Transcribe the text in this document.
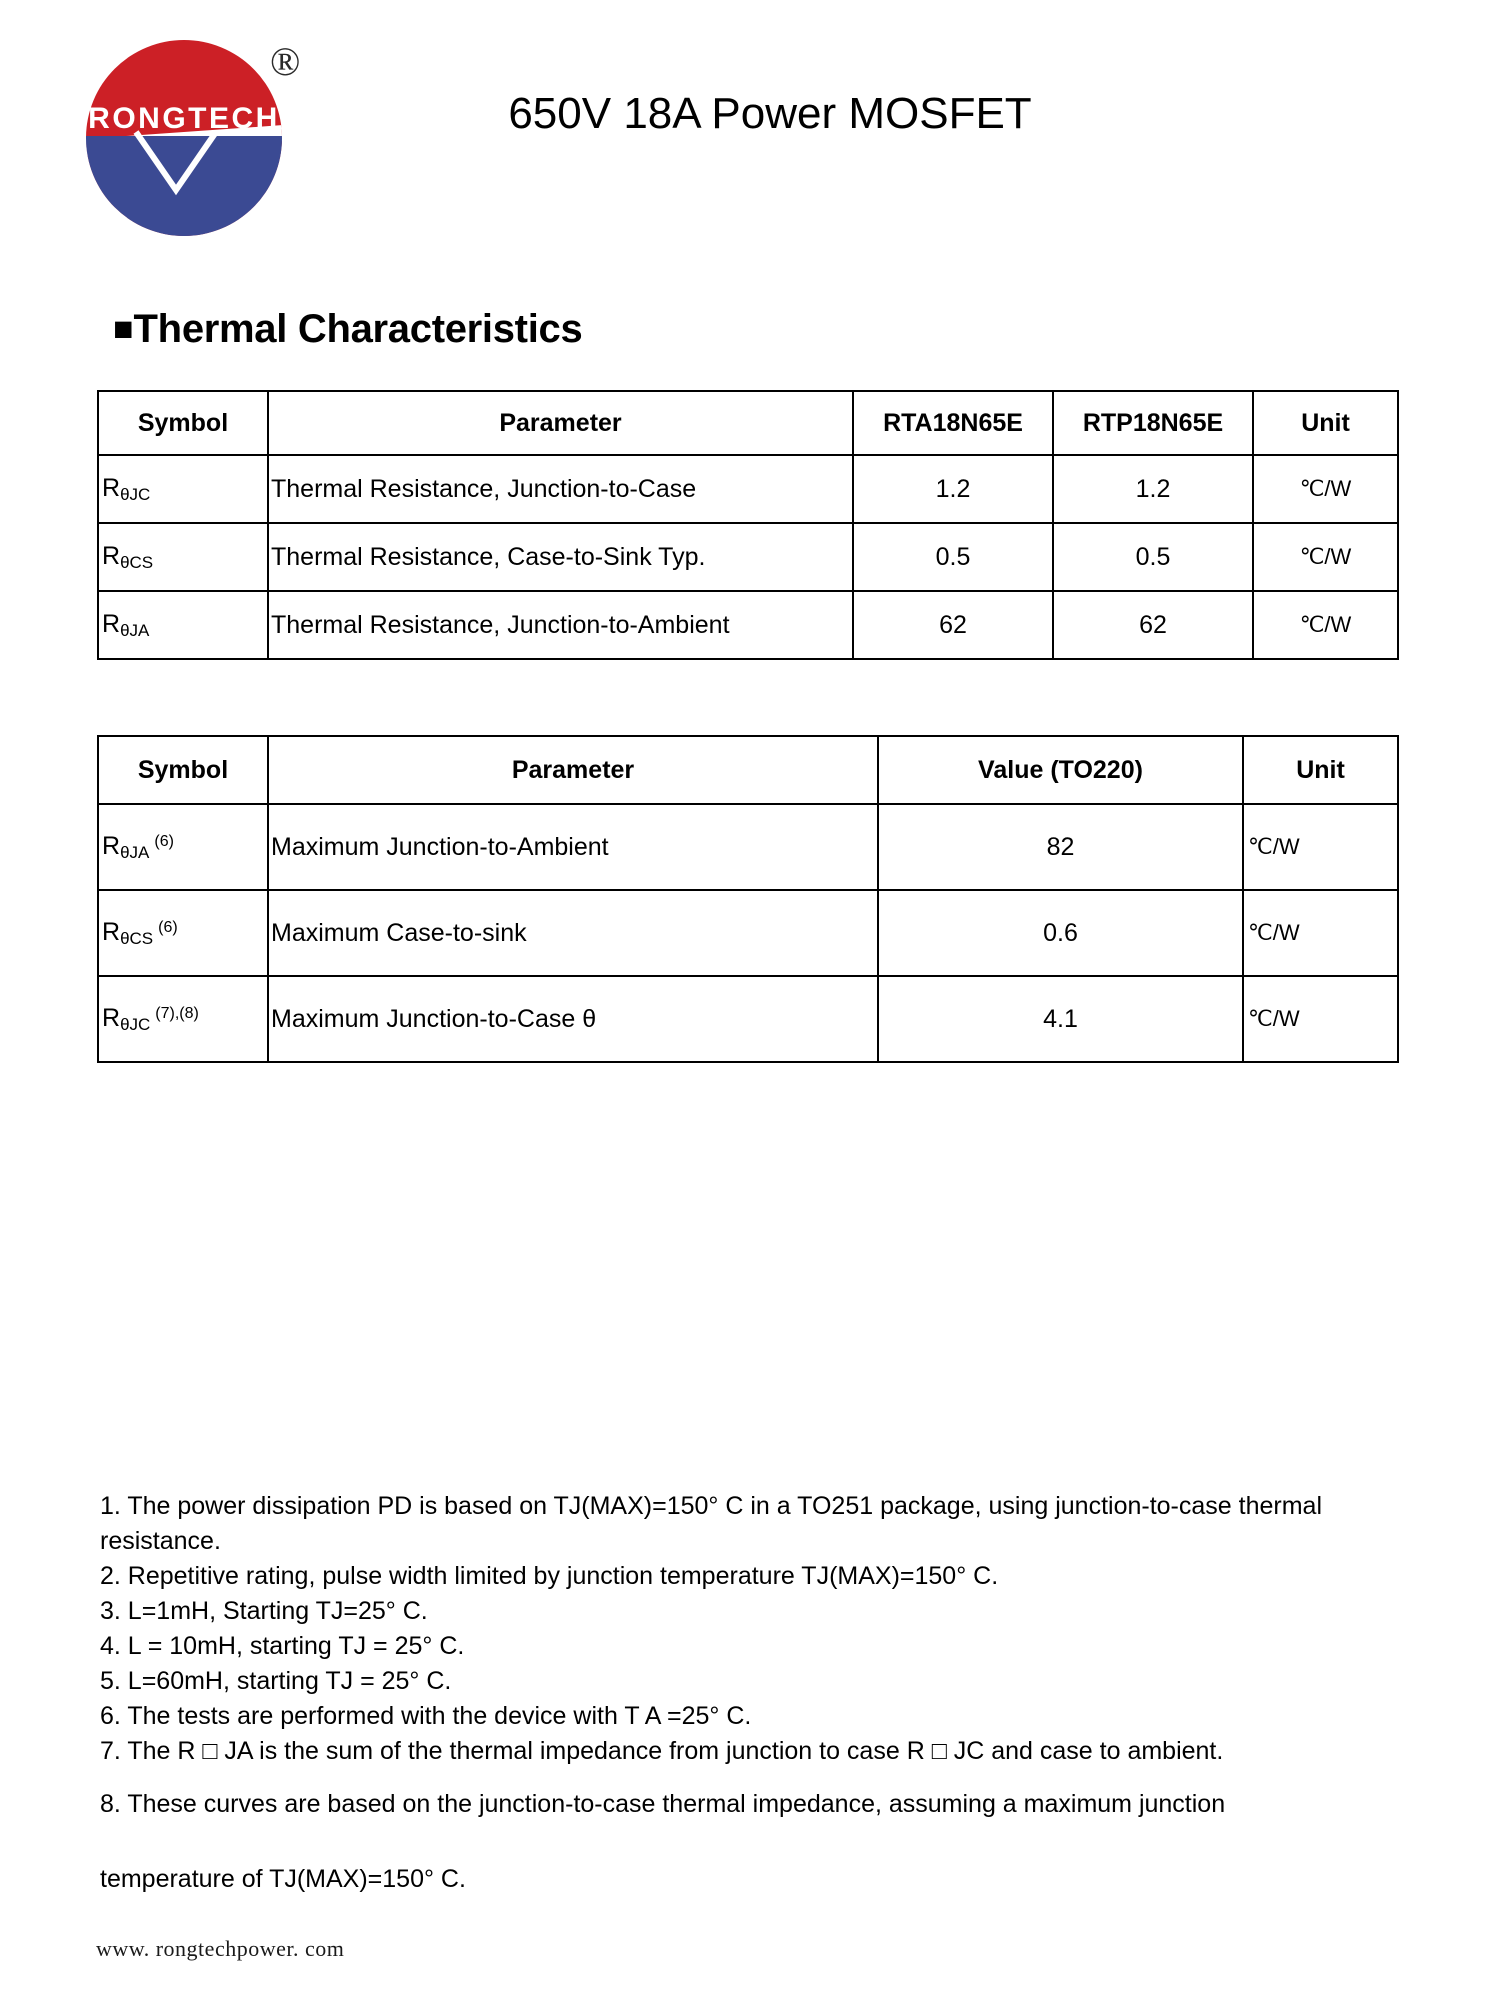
RONGTECH
®
650V 18A Power MOSFET
■Thermal Characteristics
Symbol	Parameter	RTA18N65E	RTP18N65E	Unit
$R_{\theta JC}$	Thermal Resistance, Junction-to-Case	1.2	1.2	℃/W
$R_{\theta CS}$	Thermal Resistance, Case-to-Sink Typ.	0.5	0.5	℃/W
$R_{\theta JA}$	Thermal Resistance, Junction-to-Ambient	62	62	℃/W
Symbol	Parameter	Value (TO220)	Unit
$R_{\theta JA}^{(6)}$	Maximum Junction-to-Ambient	82	℃/W
$R_{\theta CS}^{(6)}$	Maximum Case-to-sink	0.6	℃/W
$R_{\theta JC}^{(7),(8)}$	Maximum Junction-to-Case θ	4.1	℃/W

1. The power dissipation PD is based on TJ(MAX)=150° C in a TO251 package, using junction-to-case thermal resistance.

2. Repetitive rating, pulse width limited by junction temperature TJ(MAX)=150° C.

3. L=1mH, Starting TJ=25° C.

4. L = 10mH, starting TJ = 25° C.

5. L=60mH, starting TJ = 25° C.

6. The tests are performed with the device with T A =25° C.

7. The R □ JA is the sum of the thermal impedance from junction to case R □ JC and case to ambient.

8. These curves are based on the junction-to-case thermal impedance, assuming a maximum junction

temperature of TJ(MAX)=150° C.

www. rongtechpower. com
